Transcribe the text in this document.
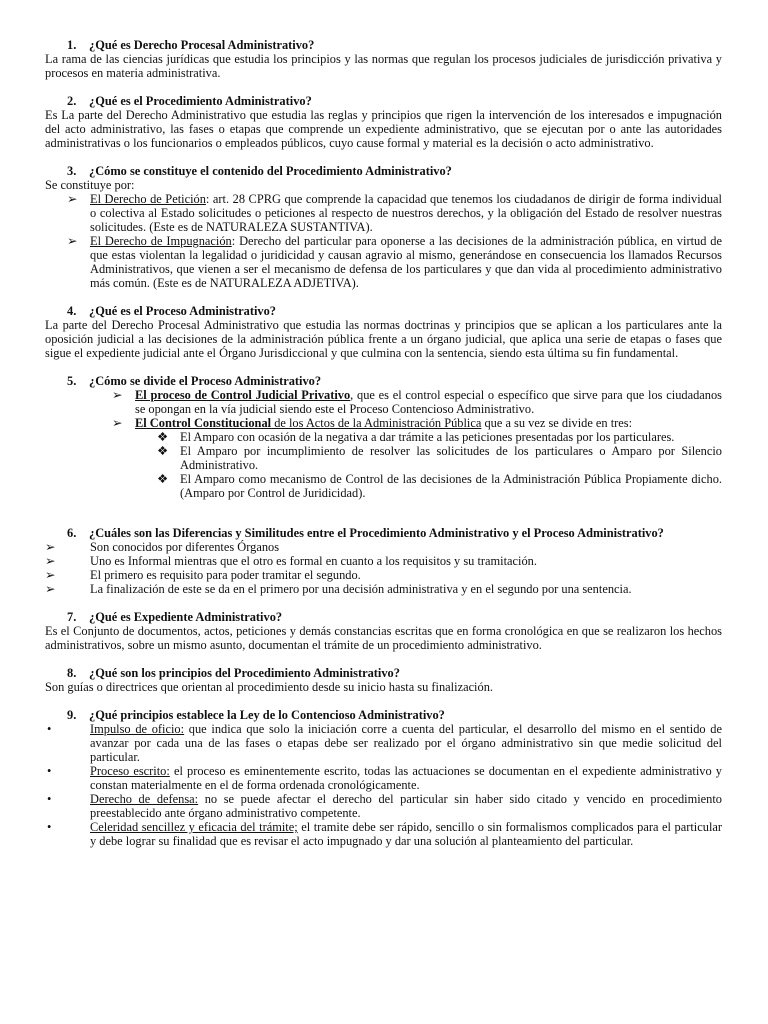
1.	¿Qué es Derecho Procesal Administrativo?

La rama de las ciencias jurídicas que estudia los principios y las normas que regulan los procesos judiciales de jurisdicción privativa y procesos en materia administrativa.

2.	¿Qué es el Procedimiento Administrativo?

Es La parte del Derecho Administrativo que estudia las reglas y principios que rigen la intervención de los interesados e impugnación del acto administrativo, las fases o etapas que comprende un expediente administrativo, que se ejecutan por o ante las autoridades administrativas o los funcionarios o empleados públicos, cuyo cause formal y material es la decisión o acto administrativo.

3.	¿Cómo se constituye el contenido del Procedimiento Administrativo?

Se constituye por:

➢	El Derecho de Petición: art. 28 CPRG que comprende la capacidad que tenemos los ciudadanos de dirigir de forma individual o colectiva al Estado solicitudes o peticiones al respecto de nuestros derechos, y la obligación del Estado de resolver nuestras solicitudes. (Este es de NATURALEZA SUSTANTIVA).
➢	El Derecho de Impugnación: Derecho del particular para oponerse a las decisiones de la administración pública, en virtud de que estas violentan la legalidad o juridicidad y causan agravio al mismo, generándose en consecuencia los llamados Recursos Administrativos, que vienen a ser el mecanismo de defensa de los particulares y que dan vida al procedimiento administrativo más común. (Este es de NATURALEZA ADJETIVA).
4.	¿Qué es el Proceso Administrativo?

La parte del Derecho Procesal Administrativo que estudia las normas doctrinas y principios que se aplican a los particulares ante la oposición judicial a las decisiones de la administración pública frente a un órgano judicial, que aplica una serie de etapas o fases que sigue el expediente judicial ante el Órgano Jurisdiccional y que culmina con la sentencia, siendo esta última su fin fundamental.

5.	¿Cómo se divide el Proceso Administrativo?
➢	El proceso de Control Judicial Privativo, que es el control especial o específico que sirve para que los ciudadanos se opongan en la vía judicial siendo este el Proceso Contencioso Administrativo.
➢	El Control Constitucional de los Actos de la Administración Pública que a su vez se divide en tres:
❖ El Amparo con ocasión de la negativa a dar trámite a las peticiones presentadas por los particulares.
❖ El Amparo por incumplimiento de resolver las solicitudes de los particulares o Amparo por Silencio Administrativo.
❖ El Amparo como mecanismo de Control de las decisiones de la Administración Pública Propiamente dicho. (Amparo por Control de Juridicidad).
6.	¿Cuáles son las Diferencias y Similitudes entre el Procedimiento Administrativo y el Proceso Administrativo?
➢	Son conocidos por diferentes Órganos
➢	Uno es Informal mientras que el otro es formal en cuanto a los requisitos y su tramitación.
➢	El primero es requisito para poder tramitar el segundo.
➢	La finalización de este se da en el primero por una decisión administrativa y en el segundo por una sentencia.
7.	¿Qué es Expediente Administrativo?

Es el Conjunto de documentos, actos, peticiones y demás constancias escritas que en forma cronológica en que se realizaron los hechos administrativos, sobre un mismo asunto, documentan el trámite de un procedimiento administrativo.

8.	¿Qué son los principios del Procedimiento Administrativo?

Son guías o directrices que orientan al procedimiento desde su inicio hasta su finalización.

9.	¿Qué principios establece la Ley de lo Contencioso Administrativo?
•	Impulso de oficio: que indica que solo la iniciación corre a cuenta del particular, el desarrollo del mismo en el sentido de avanzar por cada una de las fases o etapas debe ser realizado por el órgano administrativo sin que medie solicitud del particular.
•	Proceso escrito: el proceso es eminentemente escrito, todas las actuaciones se documentan en el expediente administrativo y constan materialmente en el de forma ordenada cronológicamente.
•	Derecho de defensa: no se puede afectar el derecho del particular sin haber sido citado y vencido en procedimiento preestablecido ante órgano administrativo competente.
•	Celeridad sencillez y eficacia del trámite; el tramite debe ser rápido, sencillo o sin formalismos complicados para el particular y debe lograr su finalidad que es revisar el acto impugnado y dar una solución al planteamiento del particular.
